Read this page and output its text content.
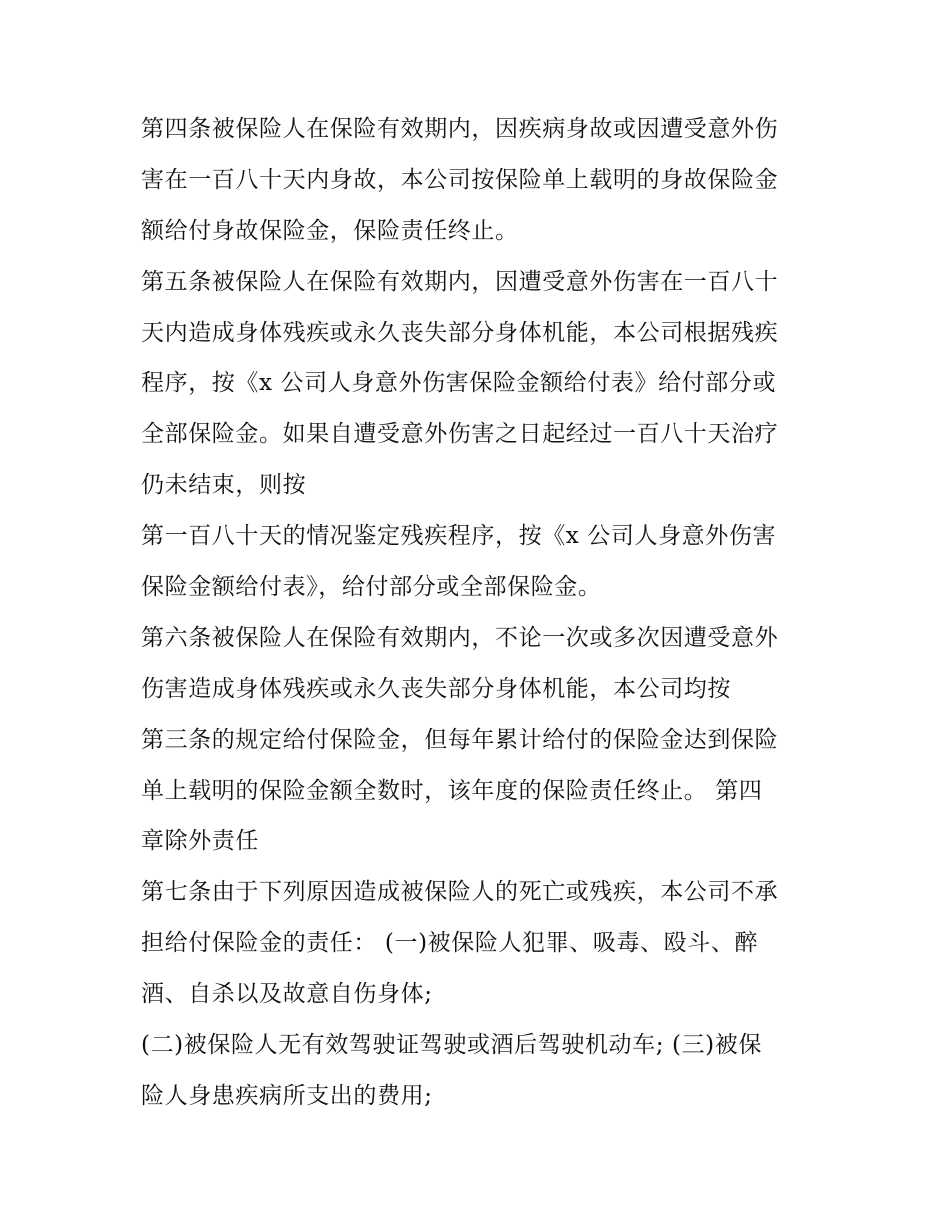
第四条被保险人在保险有效期内，因疾病身故或因遭受意外伤
害在一百八十天内身故，本公司按保险单上载明的身故保险金
额给付身故保险金，保险责任终止。
第五条被保险人在保险有效期内，因遭受意外伤害在一百八十
天内造成身体残疾或永久丧失部分身体机能，本公司根据残疾
程序，按《x 公司人身意外伤害保险金额给付表》给付部分或
全部保险金。如果自遭受意外伤害之日起经过一百八十天治疗
仍未结束，则按
第一百八十天的情况鉴定残疾程序，按《x 公司人身意外伤害
保险金额给付表》，给付部分或全部保险金。
第六条被保险人在保险有效期内，不论一次或多次因遭受意外
伤害造成身体残疾或永久丧失部分身体机能，本公司均按
第三条的规定给付保险金，但每年累计给付的保险金达到保险
单上载明的保险金额全数时，该年度的保险责任终止。 第四
章除外责任
第七条由于下列原因造成被保险人的死亡或残疾，本公司不承
担给付保险金的责任： (一)被保险人犯罪、吸毒、殴斗、醉
酒、自杀以及故意自伤身体;
(二)被保险人无有效驾驶证驾驶或酒后驾驶机动车; (三)被保
险人身患疾病所支出的费用;
